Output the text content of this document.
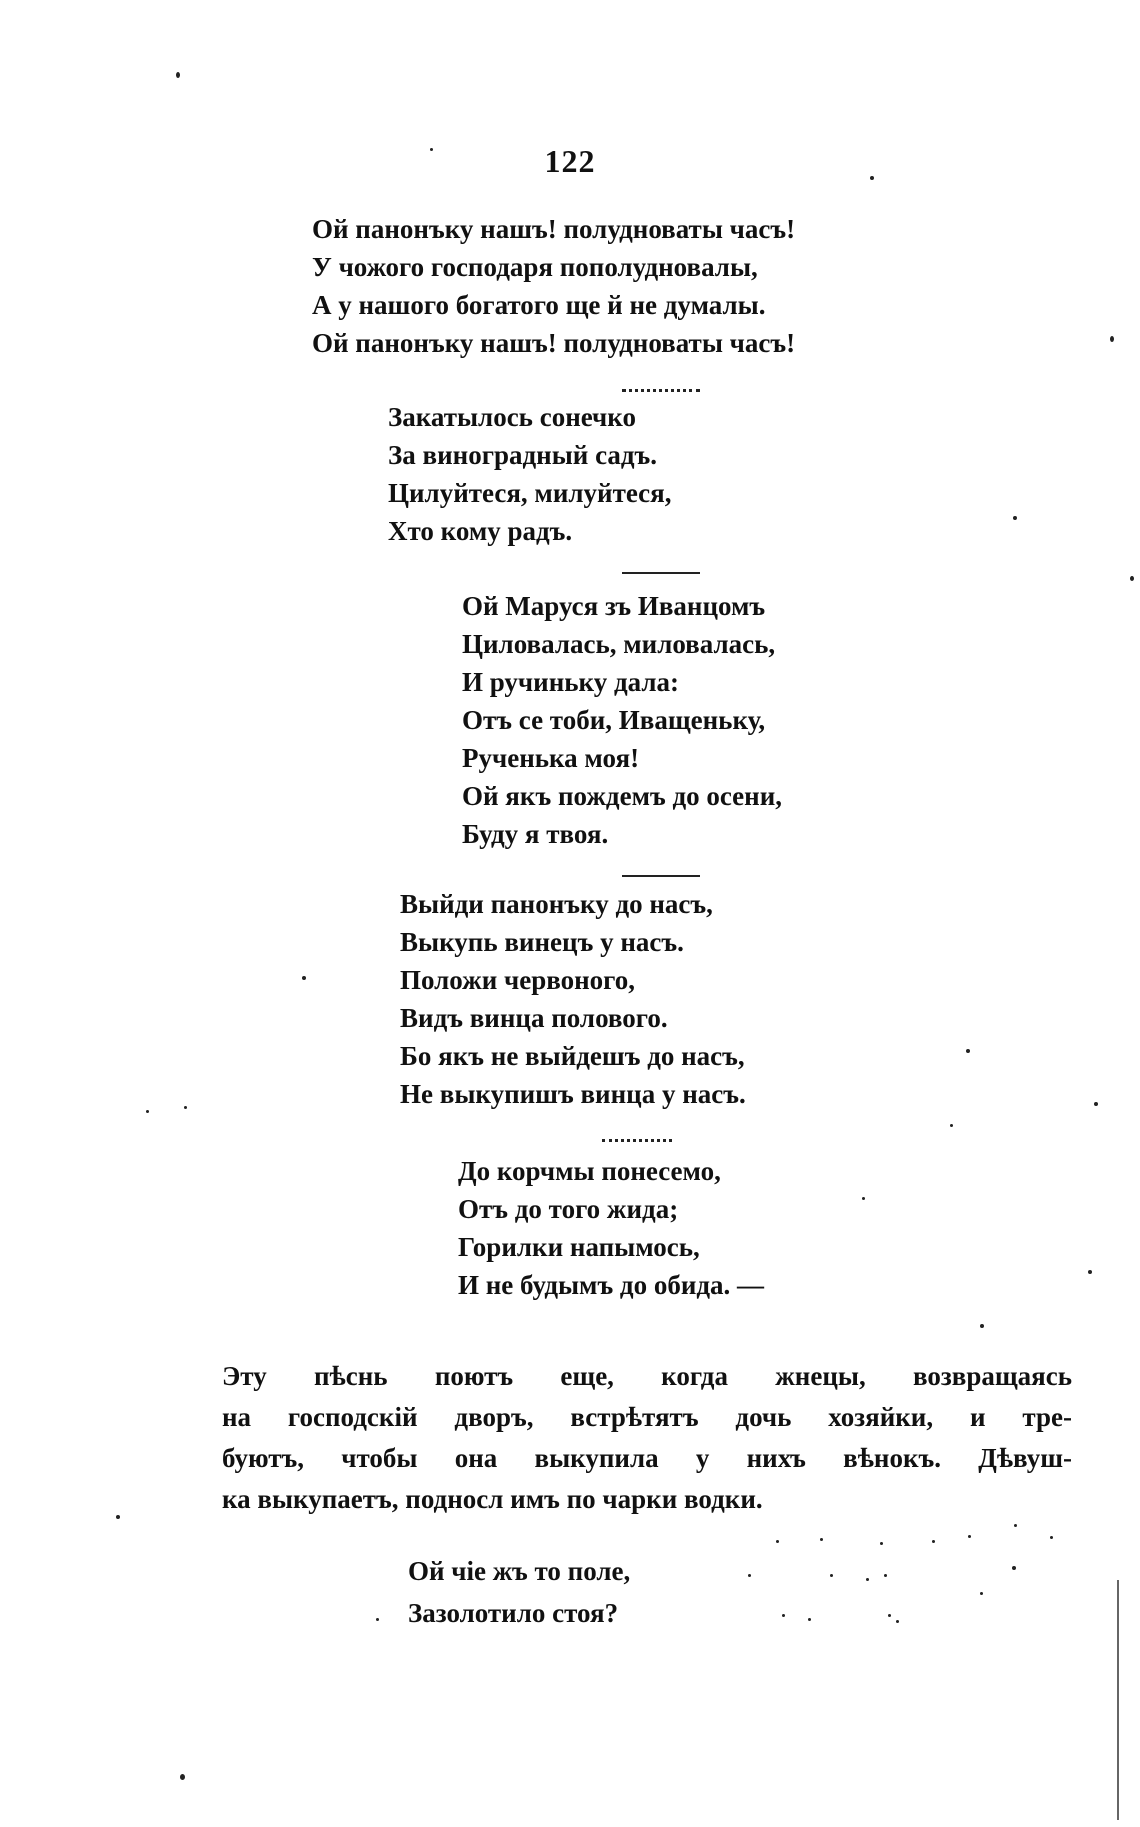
122
Ой панонъку нашъ! полудноваты часъ!
У чожого господаря пополудновалы,
А у нашого богатого ще й не думалы.
Ой панонъку нашъ! полудноваты часъ!
Закатылось сонечко
За виноградный садъ.
Цилуйтеся, милуйтеся,
Хто кому радъ.
Ой Маруся зъ Иванцомъ
Циловалась, миловалась,
И ручиньку дала:
Отъ се тоби, Иващеньку,
Рученька моя!
Ой якъ пождемъ до осени,
Буду я твоя.
Выйди панонъку до насъ,
Выкупь винецъ у насъ.
Положи червоного,
Видъ винца полового.
Бо якъ не выйдешъ до насъ,
Не выкупишъ винца у насъ.
До корчмы понесемо,
Отъ до того жида;
Горилки напымось,
И не будымъ до обида. —
Эту пѣснь поютъ еще, когда жнецы, возвращаясь
на господскій дворъ, встрѣтятъ дочь хозяйки, и тре-
буютъ, чтобы она выкупила у нихъ вѣнокъ. Дѣвуш-
ка выкупаетъ, подносл имъ по чарки водки.
Ой чіе жъ то поле,
Зазолотило стоя?
